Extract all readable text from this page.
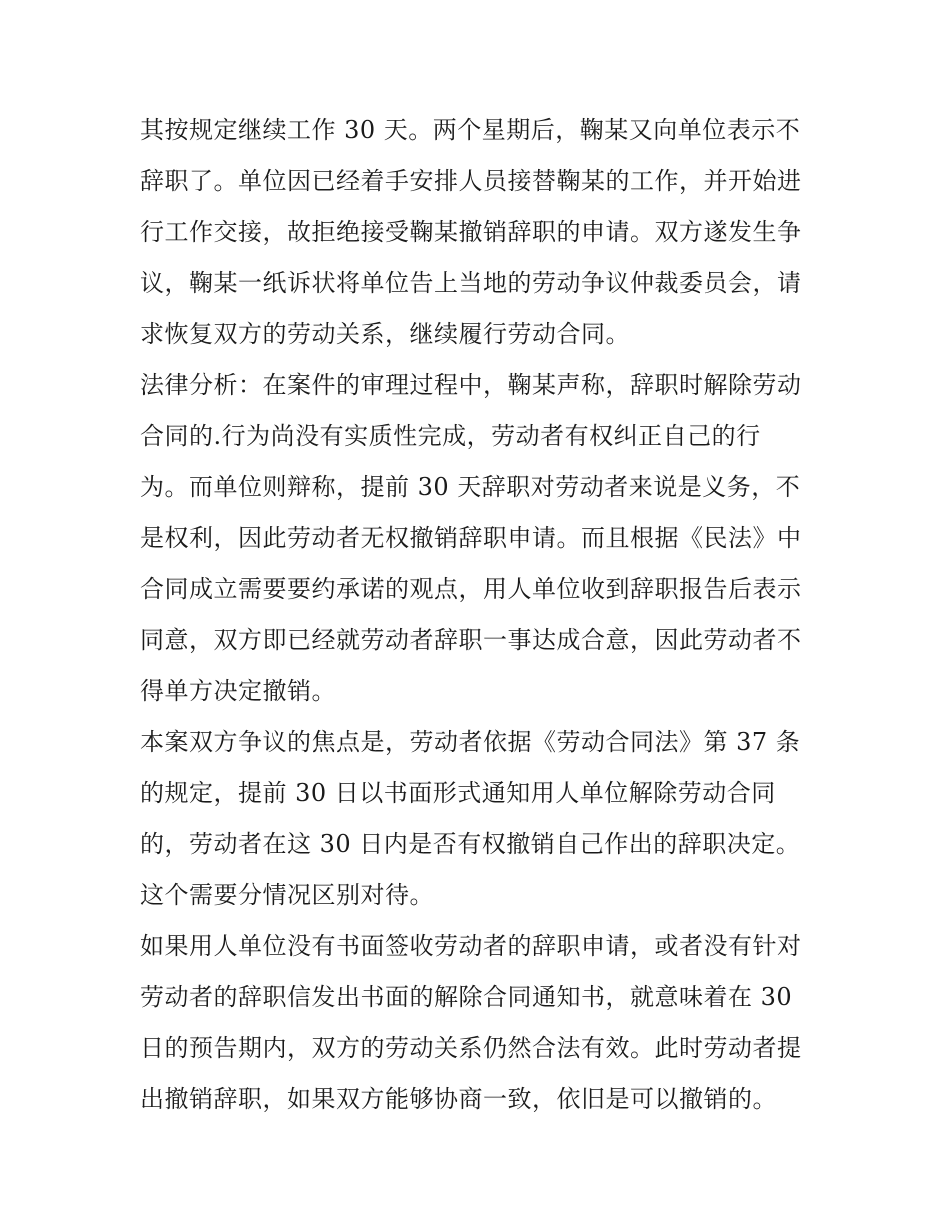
其按规定继续工作 30 天。两个星期后，鞠某又向单位表示不
辞职了。单位因已经着手安排人员接替鞠某的工作，并开始进
行工作交接，故拒绝接受鞠某撤销辞职的申请。双方遂发生争
议，鞠某一纸诉状将单位告上当地的劳动争议仲裁委员会，请
求恢复双方的劳动关系，继续履行劳动合同。
法律分析：在案件的审理过程中，鞠某声称，辞职时解除劳动
合同的.行为尚没有实质性完成，劳动者有权纠正自己的行
为。而单位则辩称，提前 30 天辞职对劳动者来说是义务，不
是权利，因此劳动者无权撤销辞职申请。而且根据《民法》中
合同成立需要要约承诺的观点，用人单位收到辞职报告后表示
同意，双方即已经就劳动者辞职一事达成合意，因此劳动者不
得单方决定撤销。
本案双方争议的焦点是，劳动者依据《劳动合同法》第 37 条
的规定，提前 30 日以书面形式通知用人单位解除劳动合同
的，劳动者在这 30 日内是否有权撤销自己作出的辞职决定。
这个需要分情况区别对待。
如果用人单位没有书面签收劳动者的辞职申请，或者没有针对
劳动者的辞职信发出书面的解除合同通知书，就意味着在 30
日的预告期内，双方的劳动关系仍然合法有效。此时劳动者提
出撤销辞职，如果双方能够协商一致，依旧是可以撤销的。
